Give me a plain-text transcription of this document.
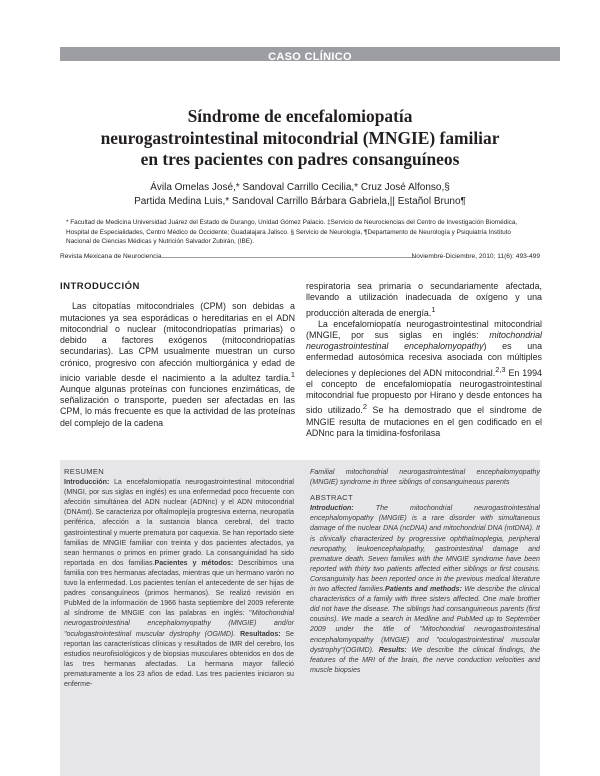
CASO CLÍNICO
Síndrome de encefalomiopatía
neurogastrointestinal mitocondrial (MNGIE) familiar
en tres pacientes con padres consanguíneos
Ávila Omelas José,* Sandoval Carrillo Cecilia,* Cruz José Alfonso,§
Partida Medina Luis,* Sandoval Carrillo Bárbara Gabriela,|| Estañol Bruno¶
* Facultad de Medicina Universidad Juárez del Estado de Durango, Unidad Gómez Palacio. ‡Servicio de Neurociencias del Centro de Investigación Biomédica, Hospital de Especialidades, Centro Médico de Occidente; Guadalajara Jalisco. § Servicio de Neurología, ¶Departamento de Neurología y Psiquiatría Instituto Nacional de Ciencias Médicas y Nutrición Salvador Zubirán, (IBE).
Revista Mexicana de Neurociencia	Noviembre-Diciembre, 2010; 11(6): 493-499

INTRODUCCIÓN

Las citopatías mitocondriales (CPM) son debidas a mutaciones ya sea esporádicas o hereditarias en el ADN mitocondrial o nuclear (mitocondriopatías primarias) o debido a factores exógenos (mitocondriopatías secundarias). Las CPM usualmente muestran un curso crónico, progresivo con afección multiorgánica y edad de inicio variable desde el nacimiento a la adultez tardía.$^1$ Aunque algunas proteínas con funciones enzimáticas, de señalización o transporte, pueden ser afectadas en las CPM, lo más frecuente es que la actividad de las proteínas del complejo de la cadena

respiratoria sea primaria o secundariamente afectada, llevando a utilización inadecuada de oxígeno y una producción alterada de energía.$^1$

La encefalomiopatía neurogastrointestinal mitocondrial (MNGIE, por sus siglas en inglés: mitochondrial neurogastrointestinal encephalomyopathy) es una enfermedad autosómica recesiva asociada con múltiples deleciones y depleciones del ADN mitocondrial.$^{2,3}$ En 1994 el concepto de encefalomiopatía neurogastrointestinal mitocondrial fue propuesto por Hirano y desde entonces ha sido utilizado.$^2$ Se ha demostrado que el síndrome de MNGIE resulta de mutaciones en el gen codificado en el ADNnc para la timidina-fosforilasa

RESUMEN

Introducción: La encefalomiopatía neurogastrointestinal mitocondrial (MNGI, por sus siglas en inglés) es una enfermedad poco frecuente con afección simultánea del ADN nuclear (ADNnc) y el ADN mitocondrial (DNAmt). Se caracteriza por oftalmoplejía progresiva externa, neuropatía periférica, afección a la sustancia blanca cerebral, del tracto gastrointestinal y muerte prematura por caquexia. Se han reportado siete familias de MNGIE familiar con treinta y dos pacientes afectados, ya sean hermanos o primos en primer grado. La consanguinidad ha sido reportada en dos familias.Pacientes y métodos: Describimos una familia con tres hermanas afectadas, mientras que un hermano varón no tuvo la enfermedad. Los pacientes tenían el antecedente de ser hijas de padres consanguíneos (primos hermanos). Se realizó revisión en PubMed de la información de 1966 hasta septiembre del 2009 referente al síndrome de MNGIE con las palabras en inglés: "Mitochondrial neurogastrointestinal encephalomyopathy (MNGIE) and/or "oculogastrointestinal muscular dystrophy (OGIMD). Resultados: Se reportan las características clínicas y resultados de IMR del cerebro, los estudios neurofisiológicos y de biopsias musculares obtenidos en dos de las tres hermanas afectadas. La hermana mayor falleció prematuramente a los 23 años de edad. Las tres pacientes iniciaron su enferme-

Familial mitochondrial neurogastrointestinal encephalomyopathy (MNGIE) syndrome in three siblings of consanguineous parents

ABSTRACT

Introduction: The mitochondrial neurogastrointestinal encephalomyopathy (MNGIE) is a rare disorder with simultaneous damage of the nuclear DNA (ncDNA) and mitochondrial DNA (mtDNA). It is clinically characterized by progressive ophthalmoplegia, peripheral neuropathy, leukoencephalopathy, gastrointestinal damage and premature death. Seven families with the MNGIE syndrome have been reported with thirty two patients affected either siblings or first cousins. Consanguinity has been reported once in the previous medical literature in two affected families.Patients and methods: We describe the clinical characteristics of a family with three sisters affected. One male brother did not have the disease. The siblings had consanguineous parents (first cousins). We made a search in Medline and PubMed up to September 2009 under the title of "Mitochondrial neurogastrointestinal encephalomyopathy (MNGIE) and "oculogastrointestinal muscular dystrophy"(OGIMD). Results: We describe the clinical findings, the features of the MRI of the brain, the nerve conduction velocities and muscle biopsies
